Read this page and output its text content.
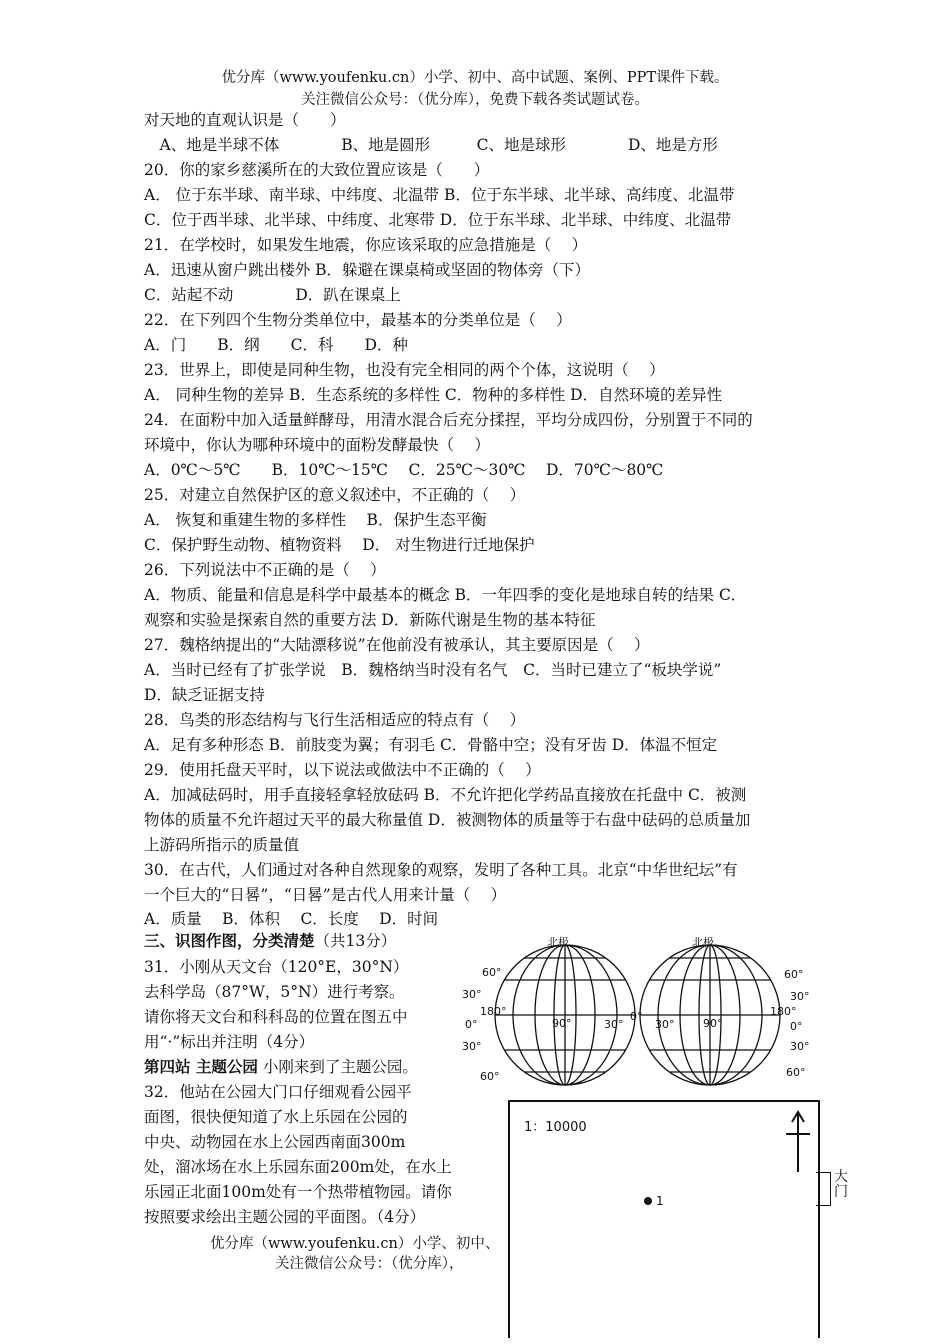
优分库（www.youfenku.cn）小学、初中、高中试题、案例、PPT课件下载。
关注微信公众号：（优分库），免费下载各类试题试卷。
对天地的直观认识是（　　）
　A、地是半球不体　　　　B、地是圆形　　　C、地是球形　　　　D、地是方形
20．你的家乡慈溪所在的大致位置应该是（　　）
A． 位于东半球、南半球、中纬度、北温带 B．位于东半球、北半球、高纬度、北温带
C．位于西半球、北半球、中纬度、北寒带 D．位于东半球、北半球、中纬度、北温带
21．在学校时，如果发生地震，你应该采取的应急措施是（　 ）
A．迅速从窗户跳出楼外 B．躲避在课桌椅或坚固的物体旁（下）
C．站起不动　　　　D．趴在课桌上
22．在下列四个生物分类单位中，最基本的分类单位是（　 ）
A．门　　B．纲　　C．科　　D．种
23．世界上，即使是同种生物，也没有完全相同的两个个体，这说明（　 ）
A． 同种生物的差异 B．生态系统的多样性 C．物种的多样性 D．自然环境的差异性
24．在面粉中加入适量鲜酵母，用清水混合后充分揉捏，平均分成四份，分别置于不同的
环境中，你认为哪种环境中的面粉发酵最快（　 ）
A．0℃～5℃　　B．10℃～15℃　 C．25℃～30℃　 D．70℃～80℃
25．对建立自然保护区的意义叙述中，不正确的（　 ）
A． 恢复和重建生物的多样性　 B．保护生态平衡
C．保护野生动物、植物资料　 D． 对生物进行迁地保护
26．下列说法中不正确的是（　 ）
A．物质、能量和信息是科学中最基本的概念 B．一年四季的变化是地球自转的结果 C．
观察和实验是探索自然的重要方法 D．新陈代谢是生物的基本特征
27．魏格纳提出的“大陆漂移说”在他前没有被承认，其主要原因是（　 ）
A．当时已经有了扩张学说　B．魏格纳当时没有名气　C．当时已建立了“板块学说”
D．缺乏证据支持
28．鸟类的形态结构与飞行生活相适应的特点有（　 ）
A．足有多种形态 B．前肢变为翼；有羽毛 C．骨骼中空；没有牙齿 D．体温不恒定
29．使用托盘天平时，以下说法或做法中不正确的（　 ）
A．加减砝码时，用手直接轻拿轻放砝码 B．不允许把化学药品直接放在托盘中 C．被测
物体的质量不允许超过天平的最大称量值 D．被测物体的质量等于右盘中砝码的总质量加
上游码所指示的质量值
30．在古代，人们通过对各种自然现象的观察，发明了各种工具。北京“中华世纪坛”有
一个巨大的“日晷”，“日晷”是古代人用来计量（　 ）
A．质量　 B．体积　 C．长度　 D．时间
三、识图作图，分类清楚（共13分）
31．小刚从天文台（120°E，30°N）
去科学岛（87°W，5°N）进行考察。
请你将天文台和科科岛的位置在图五中
用“·”标出并注明（4分）
第四站 主题公园 小刚来到了主题公园。
32．他站在公园大门口仔细观看公园平
面图，很快便知道了水上乐园在公园的
中央、动物园在水上公园西南面300m
处，溜冰场在水上乐园东面200m处，在水上
乐园正北面100m处有一个热带植物园。请你
按照要求绘出主题公园的平面图。（4分）
优分库（www.youfenku.cn）小学、初中、
关注微信公众号：（优分库），
北极	北极
60°
30°
180°
0°	90°	30°
0°
30°	90°
30°
60°
60°
30°
180°
0°
30°
60°
1：10000
1
大门
